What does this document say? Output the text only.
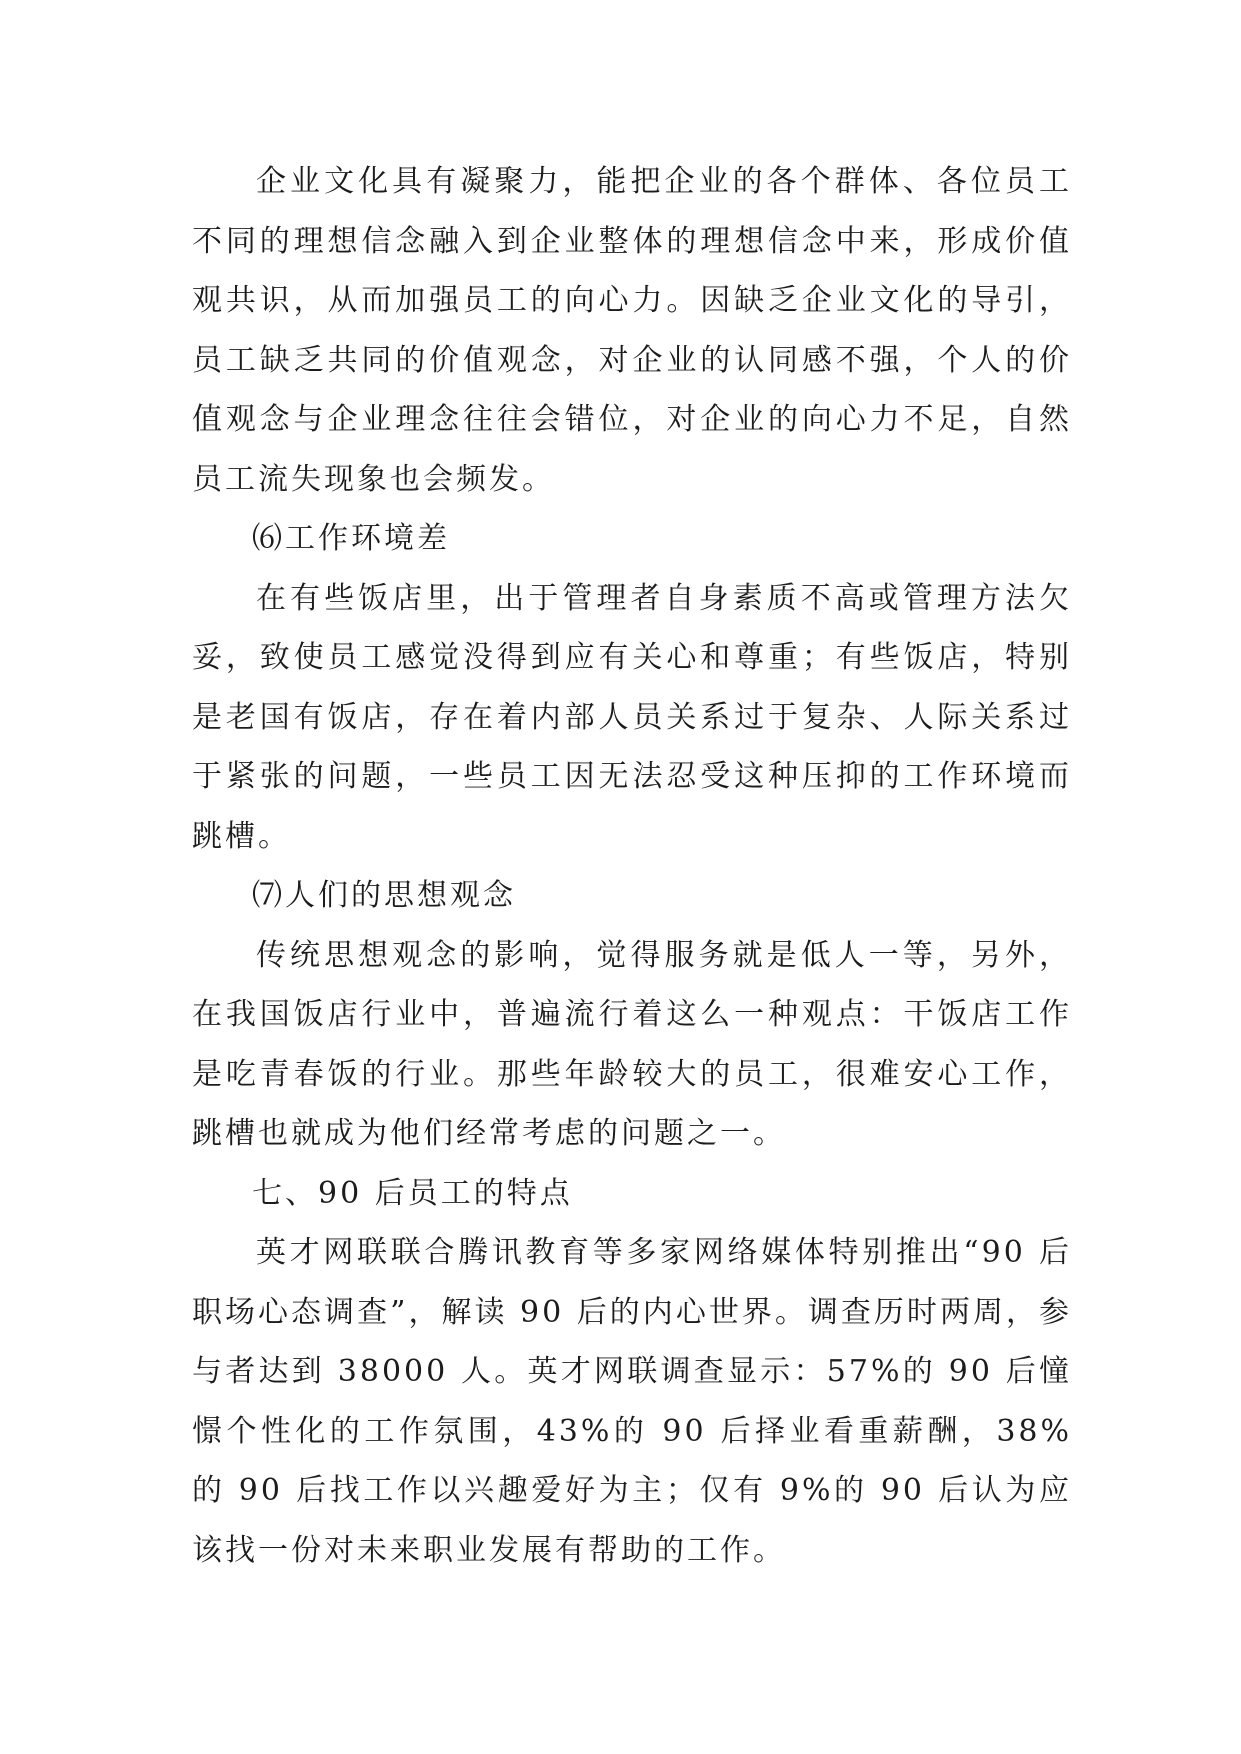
企业文化具有凝聚力，能把企业的各个群体、各位员工不同的理想信念融入到企业整体的理想信念中来，形成价值观共识，从而加强员工的向心力。因缺乏企业文化的导引，员工缺乏共同的价值观念，对企业的认同感不强，个人的价值观念与企业理念往往会错位，对企业的向心力不足，自然员工流失现象也会频发。

⑹工作环境差

在有些饭店里，出于管理者自身素质不高或管理方法欠妥，致使员工感觉没得到应有关心和尊重；有些饭店，特别是老国有饭店，存在着内部人员关系过于复杂、人际关系过于紧张的问题，一些员工因无法忍受这种压抑的工作环境而跳槽。

⑺人们的思想观念

传统思想观念的影响，觉得服务就是低人一等，另外，在我国饭店行业中，普遍流行着这么一种观点：干饭店工作是吃青春饭的行业。那些年龄较大的员工，很难安心工作，跳槽也就成为他们经常考虑的问题之一。

七、90 后员工的特点

英才网联联合腾讯教育等多家网络媒体特别推出“90 后职场心态调查”，解读 90 后的内心世界。调查历时两周，参与者达到 38000 人。英才网联调查显示：57%的 90 后憧憬个性化的工作氛围，43%的 90 后择业看重薪酬，38%的 90 后找工作以兴趣爱好为主；仅有 9%的 90 后认为应该找一份对未来职业发展有帮助的工作。
